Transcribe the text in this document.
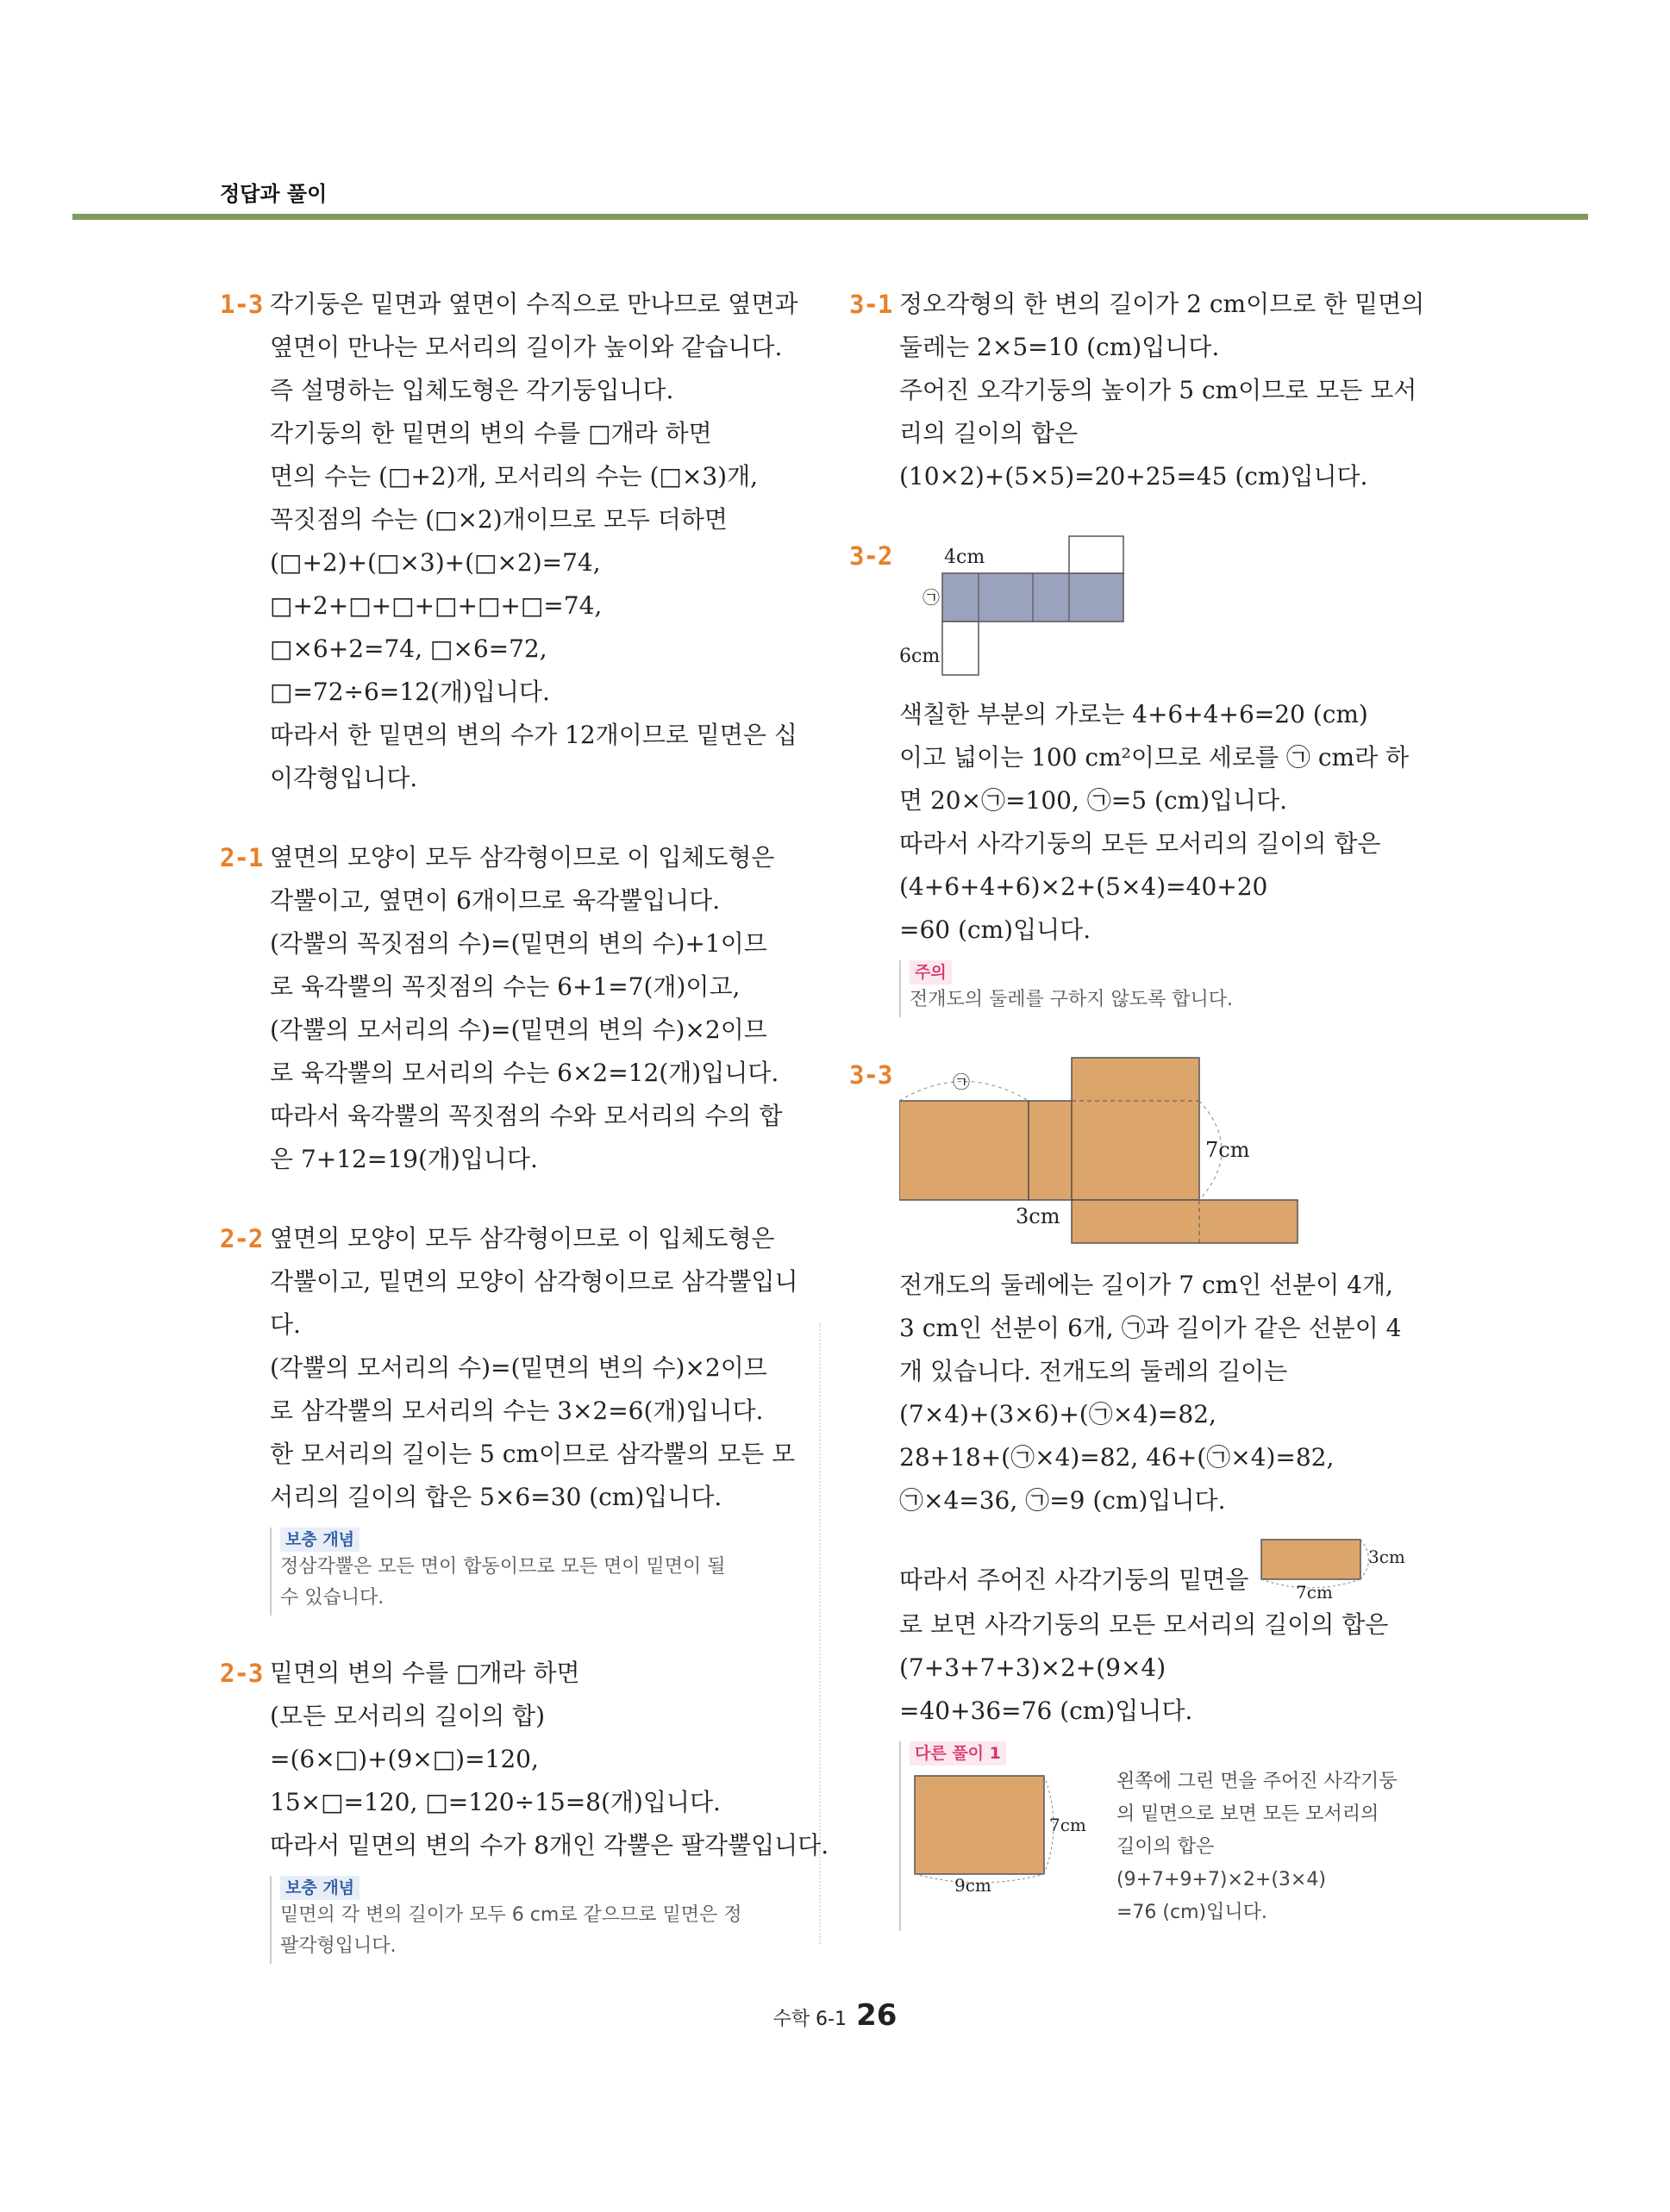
정답과 풀이
1-3 각기둥은 밑면과 옆면이 수직으로 만나므로 옆면과
옆면이 만나는 모서리의 길이가 높이와 같습니다.
즉 설명하는 입체도형은 각기둥입니다.
각기둥의 한 밑면의 변의 수를 □개라 하면
면의 수는 (□+2)개, 모서리의 수는 (□×3)개,
꼭짓점의 수는 (□×2)개이므로 모두 더하면
(□+2)+(□×3)+(□×2)=74,
□+2+□+□+□+□+□=74,
□×6+2=74, □×6=72,
□=72÷6=12(개)입니다.
따라서 한 밑면의 변의 수가 12개이므로 밑면은 십
이각형입니다.
2-1 옆면의 모양이 모두 삼각형이므로 이 입체도형은
각뿔이고, 옆면이 6개이므로 육각뿔입니다.
(각뿔의 꼭짓점의 수)=(밑면의 변의 수)+1이므
로 육각뿔의 꼭짓점의 수는 6+1=7(개)이고,
(각뿔의 모서리의 수)=(밑면의 변의 수)×2이므
로 육각뿔의 모서리의 수는 6×2=12(개)입니다.
따라서 육각뿔의 꼭짓점의 수와 모서리의 수의 합
은 7+12=19(개)입니다.
2-2 옆면의 모양이 모두 삼각형이므로 이 입체도형은
각뿔이고, 밑면의 모양이 삼각형이므로 삼각뿔입니
다.
(각뿔의 모서리의 수)=(밑면의 변의 수)×2이므
로 삼각뿔의 모서리의 수는 3×2=6(개)입니다.
한 모서리의 길이는 5 cm이므로 삼각뿔의 모든 모
서리의 길이의 합은 5×6=30 (cm)입니다.
보충 개념
정삼각뿔은 모든 면이 합동이므로 모든 면이 밑면이 될
수 있습니다.
2-3 밑면의 변의 수를 □개라 하면
(모든 모서리의 길이의 합)
=(6×□)+(9×□)=120,
15×□=120, □=120÷15=8(개)입니다.
따라서 밑면의 변의 수가 8개인 각뿔은 팔각뿔입니다.
보충 개념
밑면의 각 변의 길이가 모두 6 cm로 같으므로 밑면은 정
팔각형입니다.
3-1 정오각형의 한 변의 길이가 2 cm이므로 한 밑면의
둘레는 2×5=10 (cm)입니다.
주어진 오각기둥의 높이가 5 cm이므로 모든 모서
리의 길이의 합은
(10×2)+(5×5)=20+25=45 (cm)입니다.
3-2	4cm
㉠
6cm
색칠한 부분의 가로는 4+6+4+6=20 (cm)
이고 넓이는 100 cm²이므로 세로를 ㉠ cm라 하
면 20×㉠=100, ㉠=5 (cm)입니다.
따라서 사각기둥의 모든 모서리의 길이의 합은
(4+6+4+6)×2+(5×4)=40+20
=60 (cm)입니다.
주의
전개도의 둘레를 구하지 않도록 합니다.
3-3	㉠
7cm
3cm
전개도의 둘레에는 길이가 7 cm인 선분이 4개,
3 cm인 선분이 6개, ㉠과 길이가 같은 선분이 4
개 있습니다. 전개도의 둘레의 길이는
(7×4)+(3×6)+(㉠×4)=82,
28+18+(㉠×4)=82, 46+(㉠×4)=82,
㉠×4=36, ㉠=9 (cm)입니다.
따라서 주어진 사각기둥의 밑면을
3cm
7cm
로 보면 사각기둥의 모든 모서리의 길이의 합은
(7+3+7+3)×2+(9×4)
=40+36=76 (cm)입니다.
다른 풀이 1
7cm
9cm
왼쪽에 그린 면을 주어진 사각기둥
의 밑면으로 보면 모든 모서리의
길이의 합은
(9+7+9+7)×2+(3×4)
=76 (cm)입니다.
수학 6-1 26
